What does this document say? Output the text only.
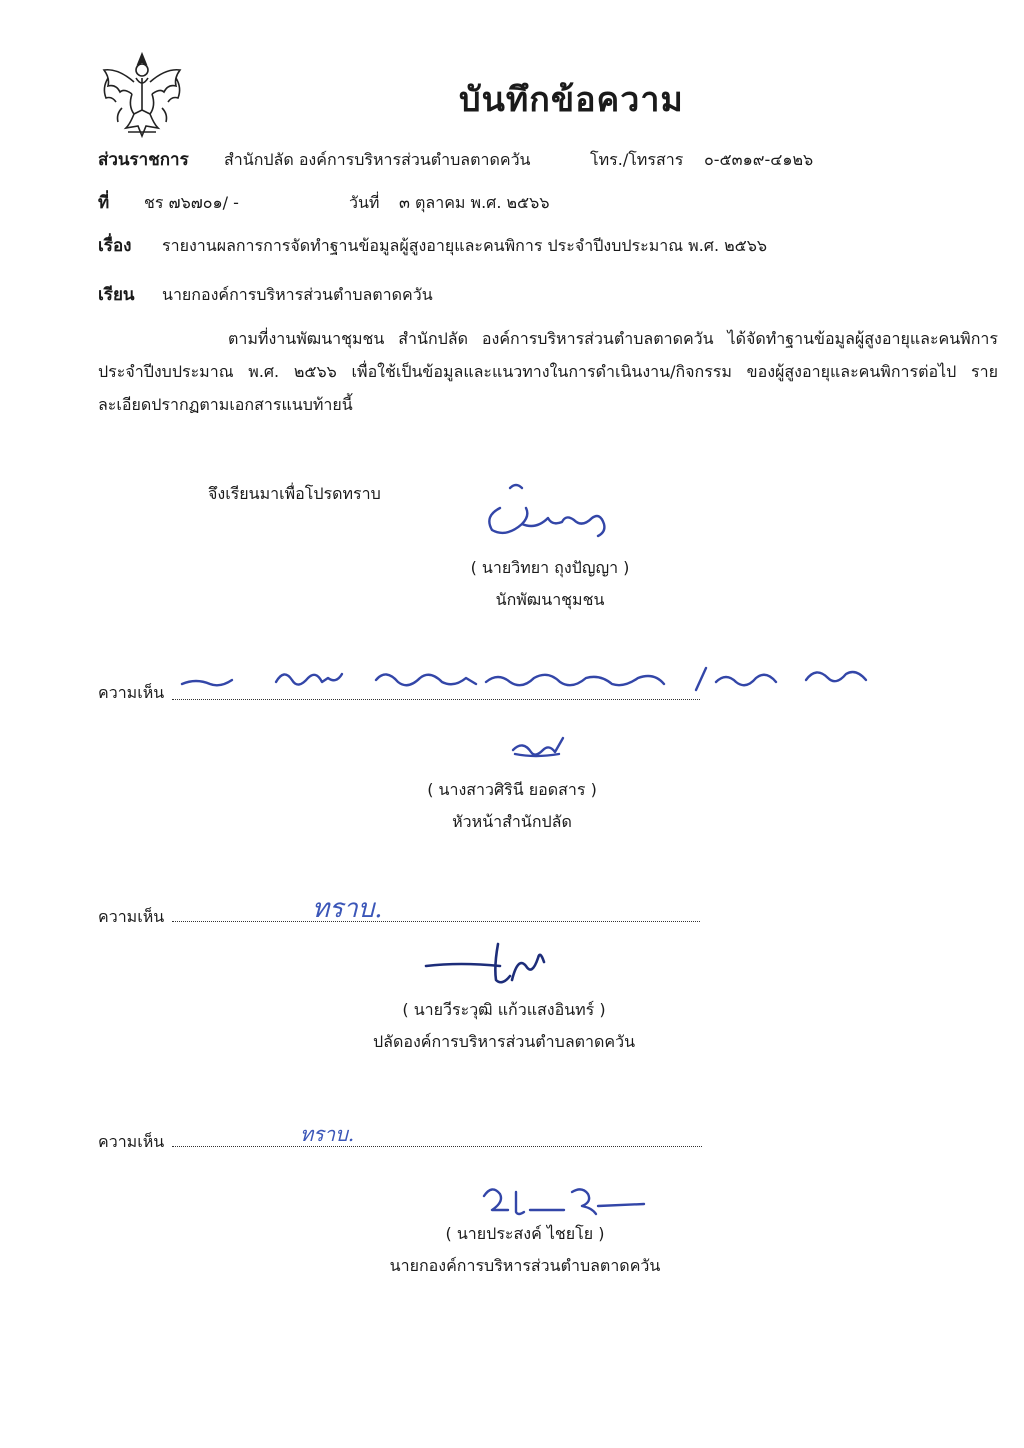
บันทึกข้อความ
ส่วนราชการ สำนักปลัด องค์การบริหารส่วนตำบลตาดควัน	โทร./โทรสาร ๐-๕๓๑๙-๔๑๒๖
ที่ ชร ๗๖๗๐๑/ -	วันที่ ๓ ตุลาคม พ.ศ. ๒๕๖๖
เรื่อง รายงานผลการการจัดทำฐานข้อมูลผู้สูงอายุและคนพิการ ประจำปีงบประมาณ พ.ศ. ๒๕๖๖
เรียน นายกองค์การบริหารส่วนตำบลตาดควัน
ตามที่งานพัฒนาชุมชน สำนักปลัด องค์การบริหารส่วนตำบลตาดควัน ได้จัดทำฐานข้อมูลผู้สูงอายุและคนพิการ ประจำปีงบประมาณ พ.ศ. ๒๕๖๖ เพื่อใช้เป็นข้อมูลและแนวทางในการดำเนินงาน/กิจกรรม ของผู้สูงอายุและคนพิการต่อไป รายละเอียดปรากฏตามเอกสารแนบท้ายนี้
จึงเรียนมาเพื่อโปรดทราบ
( นายวิทยา ถุงปัญญา )
นักพัฒนาชุมชน
ความเห็น
( นางสาวศิรินี ยอดสาร )
หัวหน้าสำนักปลัด
ความเห็น	ทราบ.
( นายวีระวุฒิ แก้วแสงอินทร์ )
ปลัดองค์การบริหารส่วนตำบลตาดควัน
ความเห็น	ทราบ.
( นายประสงค์ ไชยโย )
นายกองค์การบริหารส่วนตำบลตาดควัน
